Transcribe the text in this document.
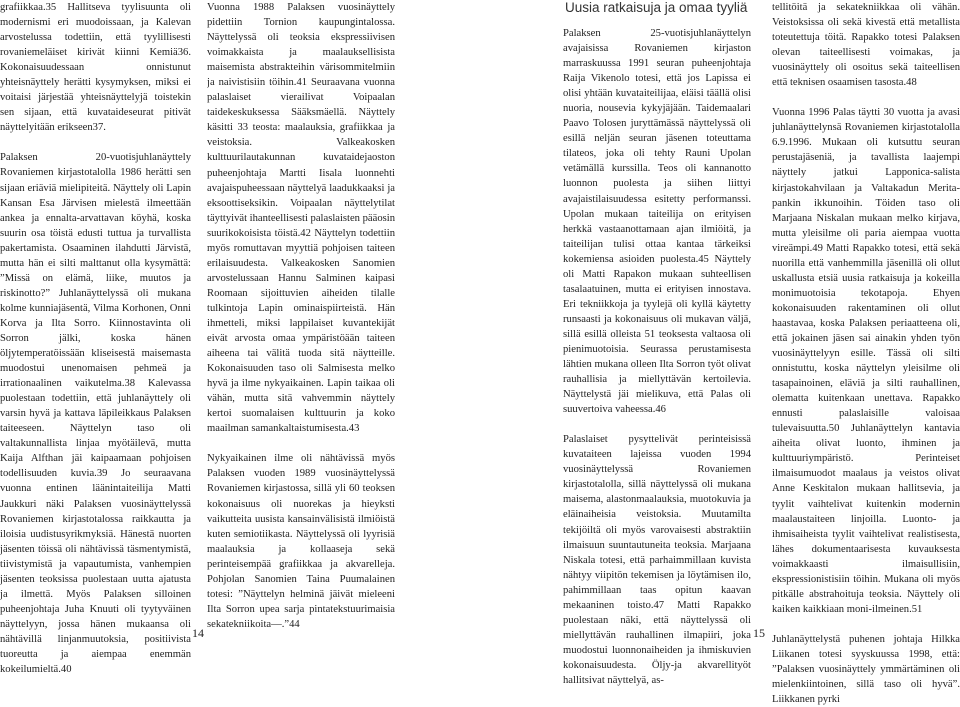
grafiikkaa.35 Hallitseva tyylisuunta oli modernismi eri muodoissaan, ja Kalevan arvostelussa todettiin, että tyylillisesti rovaniemeläiset kirivät kiinni Kemiä36. Kokonaisuudessaan onnistunut yhteisnäyttely herätti kysymyksen, miksi ei voitaisi järjestää yhteisnäyttelyjä toistekin sen sijaan, että kuvataideseurat pitivät näyttelyitään erikseen37.

Palaksen 20-vuotisjuhlanäyttely Rovaniemen kirjastotalolla 1986 herätti sen sijaan eriäviä mielipiteitä. Näyttely oli Lapin Kansan Esa Järvisen mielestä ilmeettään ankea ja ennalta-arvattavan köyhä, koska suurin osa töistä edusti tuttua ja turvallista pakertamista. Osaaminen ilahdutti Järvistä, mutta hän ei silti malttanut olla kysymättä: ”Missä on elämä, liike, muutos ja riskinotto?” Juhlanäyttelyssä oli mukana kolme kunniajäsentä, Vilma Korhonen, Onni Korva ja Ilta Sorro. Kiinnostavinta oli Sorron jälki, koska hänen öljytemperatöissään kliseisestä maisemasta muodostui unenomaisen pehmeä ja irrationaalinen vaikutelma.38 Kalevassa puolestaan todettiin, että juhlanäyttely oli varsin hyvä ja kattava läpileikkaus Palaksen taiteeseen. Näyttelyn taso oli valtakunnallista linjaa myötäilevä, mutta Kaija Alfthan jäi kaipaamaan pohjoisen todellisuuden kuvia.39 Jo seuraavana vuonna entinen läänintaiteilija Matti Jaukkuri näki Palaksen vuosinäyttelyssä Rovaniemen kirjastotalossa raikkautta ja iloisia uudistusyrikmyksiä. Hänestä nuorten jäsenten töissä oli nähtävissä täsmentymistä, tiivistymistä ja vapautumista, vanhempien jäsenten teoksissa puolestaan uutta ajatusta ja ilmettä. Myös Palaksen silloinen puheenjohtaja Juha Knuuti oli tyytyväinen näyttelyyn, jossa hänen mukaansa oli nähtävillä linjanmuutoksia, positiivista tuoreutta ja aiempaa enemmän kokeilumieltä.40

Vuonna 1988 Palaksen vuosinäyttely pidettiin Tornion kaupungintalossa. Näyttelyssä oli teoksia ekspressiivisen voimakkaista ja maalauksellisista maisemista abstrakteihin värisommitelmiin ja naivistisiin töihin.41 Seuraavana vuonna palaslaiset vierailivat Voipaalan taidekeskuksessa Sääksmäellä. Näyttely käsitti 33 teosta: maalauksia, grafiikkaa ja veistoksia. Valkeakosken kulttuurilautakunnan kuvataidejaoston puheenjohtaja Martti Iisala luonnehti avajaispuheessaan näyttelyä laadukkaaksi ja eksoottiseksikin. Voipaalan näyttelytilat täyttyivät ihanteellisesti palaslaisten pääosin suurikokoisista töistä.42 Näyttelyn todettiin myös romuttavan myyttiä pohjoisen taiteen erilaisuudesta. Valkeakosken Sanomien arvostelussaan Hannu Salminen kaipasi Roomaan sijoittuvien aiheiden tilalle tulkintoja Lapin ominaispiirteistä. Hän ihmetteli, miksi lappilaiset kuvantekijät eivät arvosta omaa ympäristöään taiteen aiheena tai välitä tuoda sitä näytteille. Kokonaisuuden taso oli Salmisesta melko hyvä ja ilme nykyaikainen. Lapin taikaa oli vähän, mutta sitä vahvemmin näyttely kertoi suomalaisen kulttuurin ja koko maailman samankaltaistumisesta.43

Nykyaikainen ilme oli nähtävissä myös Palaksen vuoden 1989 vuosinäyttelyssä Rovaniemen kirjastossa, sillä yli 60 teoksen kokonaisuus oli nuorekas ja hieyksti vaikutteita uusista kansainvälisistä ilmiöistä kuten semiotiikasta. Näyttelyssä oli lyyrisiä maalauksia ja kollaaseja sekä perinteisempää grafiikkaa ja akvarelleja. Pohjolan Sanomien Taina Puumalainen totesi: ”Näyttelyn helminä jäivät mieleeni Ilta Sorron upea sarja pintatekstuurimaisia sekatekniikoita—.”44

Uusia ratkaisuja ja omaa tyyliä

Palaksen 25-vuotisjuhlanäyttelyn avajaisissa Rovaniemen kirjaston marraskuussa 1991 seuran puheenjohtaja Raija Vikenolo totesi, että jos Lapissa ei olisi yhtään kuvataiteilijaa, eläisi täällä olisi nuoria, nousevia kykyjäjään. Taidemaalari Paavo Tolosen juryttämässä näyttelyssä oli esillä neljän seuran jäsenen toteuttama tilateos, joka oli tehty Rauni Upolan vetämällä kurssilla. Teos oli kannanotto luonnon puolesta ja siihen liittyi avajaistilaisuudessa esitetty performanssi. Upolan mukaan taiteilija on erityisen herkkä vastaanottamaan ajan ilmiöitä, ja taiteilijan tulisi ottaa kantaa tärkeiksi kokemiensa asioiden puolesta.45 Näyttely oli Matti Rapakon mukaan suhteellisen tasalaatuinen, mutta ei erityisen innostava. Eri tekniikkoja ja tyylejä oli kyllä käytetty runsaasti ja kokonaisuus oli mukavan väljä, sillä esillä olleista 51 teoksesta valtaosa oli pienimuotoisia. Seurassa perustamisesta lähtien mukana olleen Ilta Sorron työt olivat rauhallisia ja miellyttävän kertoilevia. Näyttelystä jäi mielikuva, että Palas oli suuvertoiva vaheessa.46

Palaslaiset pysyttelivät perinteisissä kuvataiteen lajeissa vuoden 1994 vuosinäyttelyssä Rovaniemen kirjastotalolla, sillä näyttelyssä oli mukana maisema, alastonmaalauksia, muotokuvia ja eläinaiheisia veistoksia. Muutamilta tekijöiltä oli myös varovaisesti abstraktiin ilmaisuun suuntautuneita teoksia. Marjaana Niskala totesi, että parhaimmillaan kuvista nähtyy viipitön tekemisen ja löytämisen ilo, pahimmillaan taas opitun kaavan mekaaninen toisto.47 Matti Rapakko puolestaan näki, että näyttelyssä oli miellyttävän rauhallinen ilmapiiri, joka muodostui luonnonaiheiden ja ihmiskuvien kokonaisuudesta. Öljy-ja akvarellityöt hallitsivat näyttelyä, as-

tellitöitä ja sekatekniikkaa oli vähän. Veistoksissa oli sekä kivestä että metallista toteutettuja töitä. Rapakko totesi Palaksen olevan taiteellisesti voimakas, ja vuosinäyttely oli osoitus sekä taiteellisen että teknisen osaamisen tasosta.48

Vuonna 1996 Palas täytti 30 vuotta ja avasi juhlanäyttelynsä Rovaniemen kirjastotalolla 6.9.1996. Mukaan oli kutsuttu seuran perustajäseniä, ja tavallista laajempi näyttely jatkui Lapponica-salista kirjastokahvilaan ja Valtakadun Merita-pankin ikkunoihin. Töiden taso oli Marjaana Niskalan mukaan melko kirjava, mutta yleisilme oli paria aiempaa vuotta vireämpi.49 Matti Rapakko totesi, että sekä nuorilla että vanhemmilla jäsenillä oli ollut uskallusta etsiä uusia ratkaisuja ja kokeilla monimuotoisia tekotapoja. Ehyen kokonaisuuden rakentaminen oli ollut haastavaa, koska Palaksen periaatteena oli, että jokainen jäsen sai ainakin yhden työn vuosinäyttelyyn esille. Tässä oli silti onnistuttu, koska näyttelyn yleisilme oli tasapainoinen, eläviä ja silti rauhallinen, olematta kuitenkaan unettava. Rapakko ennusti palaslaisille valoisaa tulevaisuutta.50 Juhlanäyttelyn kantavia aiheita olivat luonto, ihminen ja kulttuuriympäristö. Perinteiset ilmaisumuodot maalaus ja veistos olivat Anne Keskitalon mukaan hallitsevia, ja tyylit vaihtelivat kuitenkin modernin maalaustaiteen linjoilla. Luonto- ja ihmisaiheista tyylit vaihtelivat realistisesta, lähes dokumentaarisesta kuvauksesta voimakkaasti ilmaisullisiin, ekspressionistisiin töihin. Mukana oli myös pitkälle abstrahoituja teoksia. Näyttely oli kaiken kaikkiaan moni-ilmeinen.51

Juhlanäyttelystä puhenen johtaja Hilkka Liikanen totesi syyskuussa 1998, että: ”Palaksen vuosinäyttely ymmärtäminen oli mielenkiintoinen, sillä taso oli hyvä”. Liikkanen pyrki

14	15
